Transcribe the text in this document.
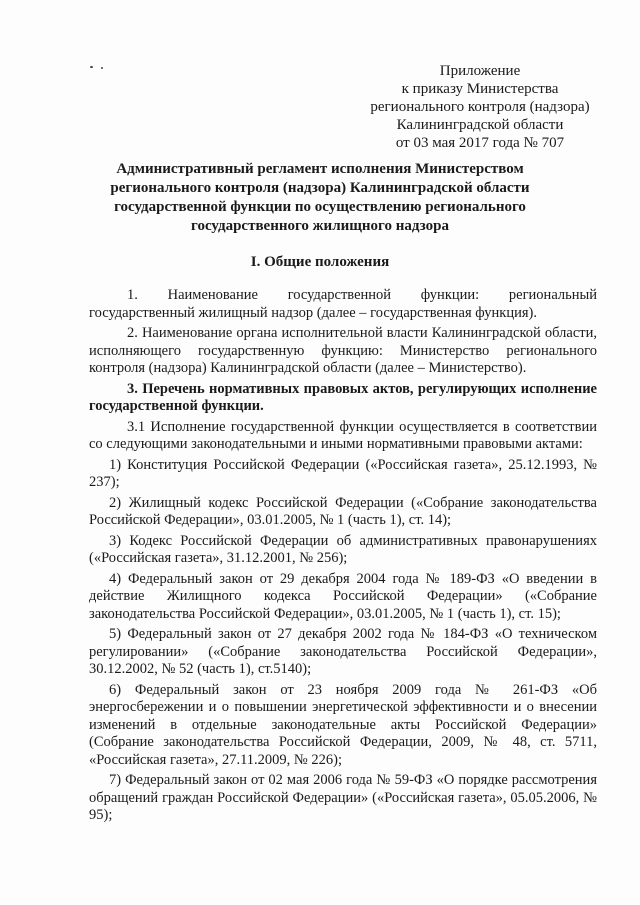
Приложение
к приказу Министерства
регионального контроля (надзора)
Калининградской области
от 03 мая 2017 года № 707
Административный регламент исполнения Министерством
регионального контроля (надзора) Калининградской области
государственной функции по осуществлению регионального
государственного жилищного надзора
I. Общие положения

1. Наименование государственной функции: региональный государственный жилищный надзор (далее – государственная функция).

2. Наименование органа исполнительной власти Калининградской области, исполняющего государственную функцию: Министерство регионального контроля (надзора) Калининградской области (далее – Министерство).

3. Перечень нормативных правовых актов, регулирующих исполнение государственной функции.

3.1 Исполнение государственной функции осуществляется в соответствии со следующими законодательными и иными нормативными правовыми актами:

1) Конституция Российской Федерации («Российская газета», 25.12.1993, № 237);

2) Жилищный кодекс Российской Федерации («Собрание законодательства Российской Федерации», 03.01.2005, № 1 (часть 1), ст. 14);

3) Кодекс Российской Федерации об административных правонарушениях («Российская газета», 31.12.2001, № 256);

4) Федеральный закон от 29 декабря 2004 года № 189-ФЗ «О введении в действие Жилищного кодекса Российской Федерации» («Собрание законодательства Российской Федерации», 03.01.2005, № 1 (часть 1), ст. 15);

5) Федеральный закон от 27 декабря 2002 года № 184-ФЗ «О техническом регулировании» («Собрание законодательства Российской Федерации», 30.12.2002, № 52 (часть 1), ст.5140);

6) Федеральный закон от 23 ноября 2009 года № 261-ФЗ «Об энергосбережении и о повышении энергетической эффективности и о внесении изменений в отдельные законодательные акты Российской Федерации» (Собрание законодательства Российской Федерации, 2009, № 48, ст. 5711, «Российская газета», 27.11.2009, № 226);

7) Федеральный закон от 02 мая 2006 года № 59-ФЗ «О порядке рассмотрения обращений граждан Российской Федерации» («Российская газета», 05.05.2006, № 95);
